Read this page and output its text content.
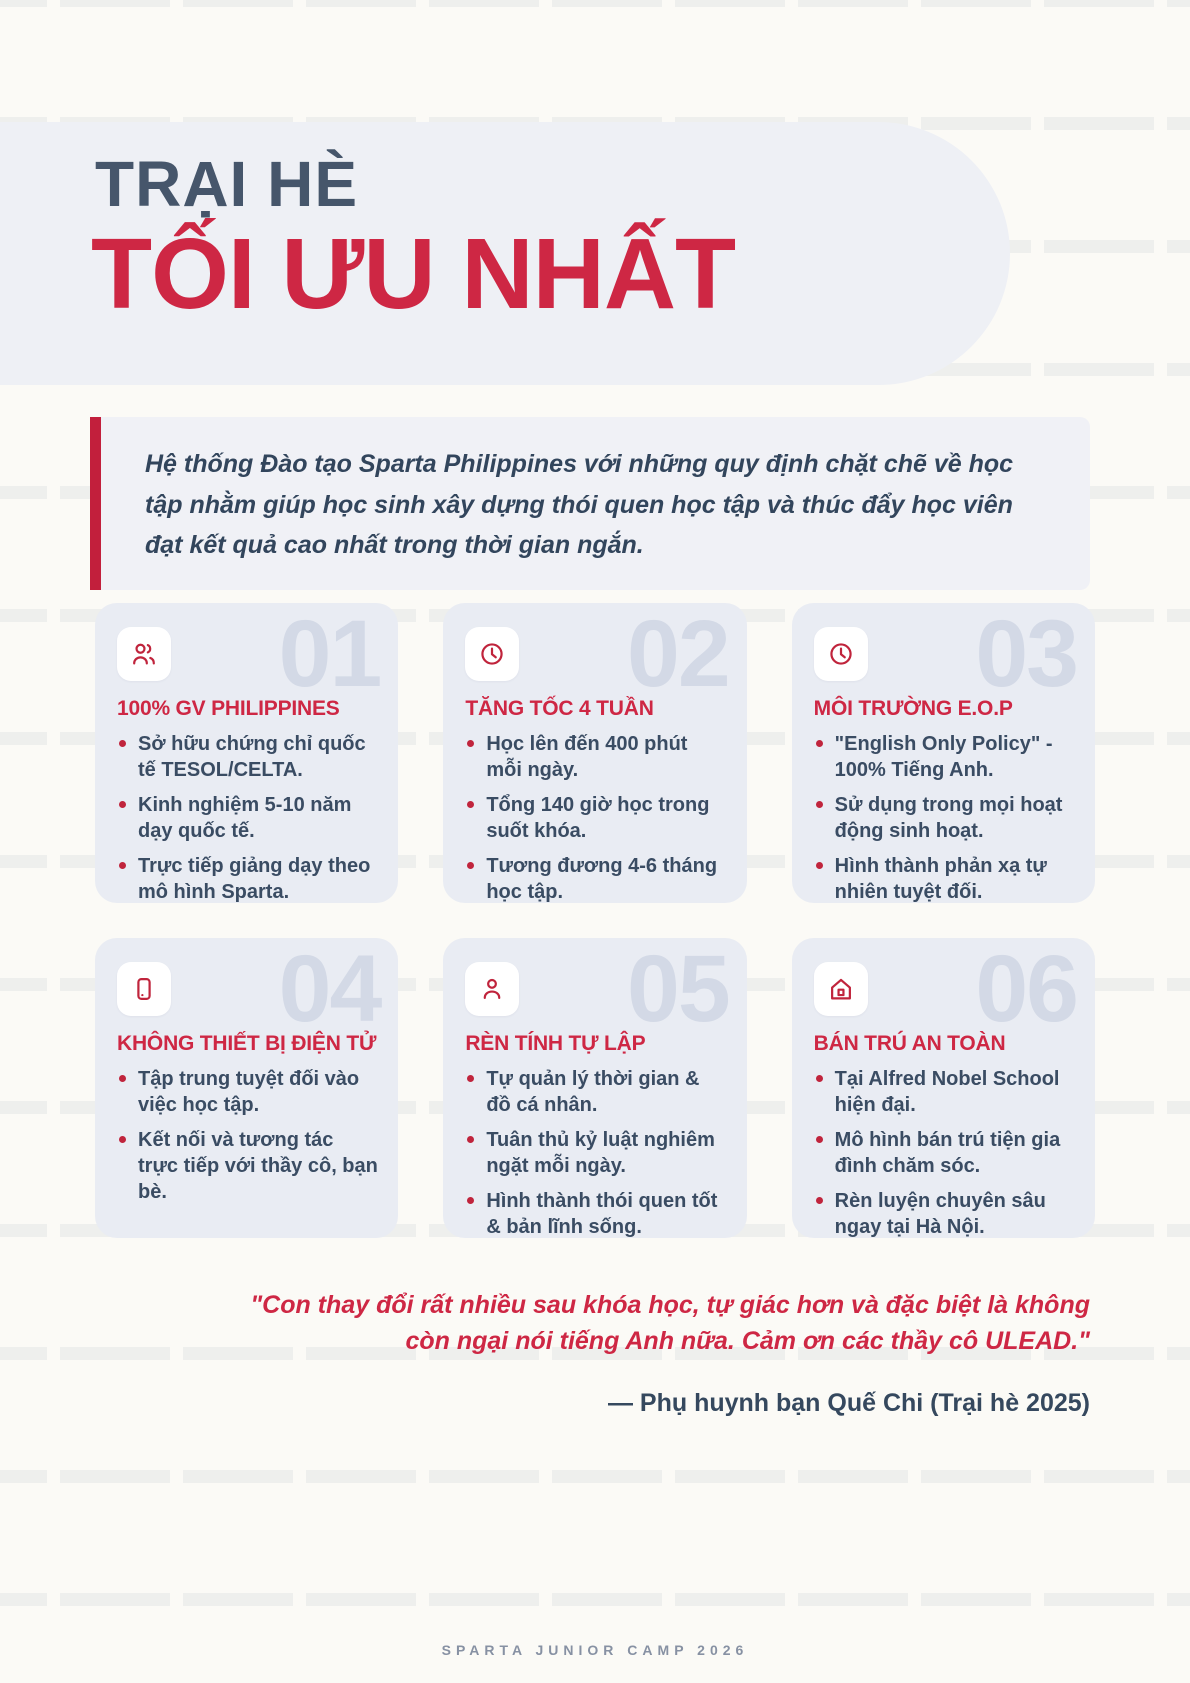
TRẠI HÈ
TỐI ƯU NHẤT

Hệ thống Đào tạo Sparta Philippines với những quy định chặt chẽ về học tập nhằm giúp học sinh xây dựng thói quen học tập và thúc đẩy học viên đạt kết quả cao nhất trong thời gian ngắn.

01
100% GV PHILIPPINES
Sở hữu chứng chỉ quốc tế TESOL/CELTA.
Kinh nghiệm 5-10 năm dạy quốc tế.
Trực tiếp giảng dạy theo mô hình Sparta.
02
TĂNG TỐC 4 TUẦN
Học lên đến 400 phút mỗi ngày.
Tổng 140 giờ học trong suốt khóa.
Tương đương 4-6 tháng học tập.
03
MÔI TRƯỜNG E.O.P
"English Only Policy" - 100% Tiếng Anh.
Sử dụng trong mọi hoạt động sinh hoạt.
Hình thành phản xạ tự nhiên tuyệt đối.
04
KHÔNG THIẾT BỊ ĐIỆN TỬ
Tập trung tuyệt đối vào việc học tập.
Kết nối và tương tác trực tiếp với thầy cô, bạn bè.
05
RÈN TÍNH TỰ LẬP
Tự quản lý thời gian & đồ cá nhân.
Tuân thủ kỷ luật nghiêm ngặt mỗi ngày.
Hình thành thói quen tốt & bản lĩnh sống.
06
BÁN TRÚ AN TOÀN
Tại Alfred Nobel School hiện đại.
Mô hình bán trú tiện gia đình chăm sóc.
Rèn luyện chuyên sâu ngay tại Hà Nội.

"Con thay đổi rất nhiều sau khóa học, tự giác hơn và đặc biệt là không còn ngại nói tiếng Anh nữa. Cảm ơn các thầy cô ULEAD."

— Phụ huynh bạn Quế Chi (Trại hè 2025)

SPARTA JUNIOR CAMP 2026
